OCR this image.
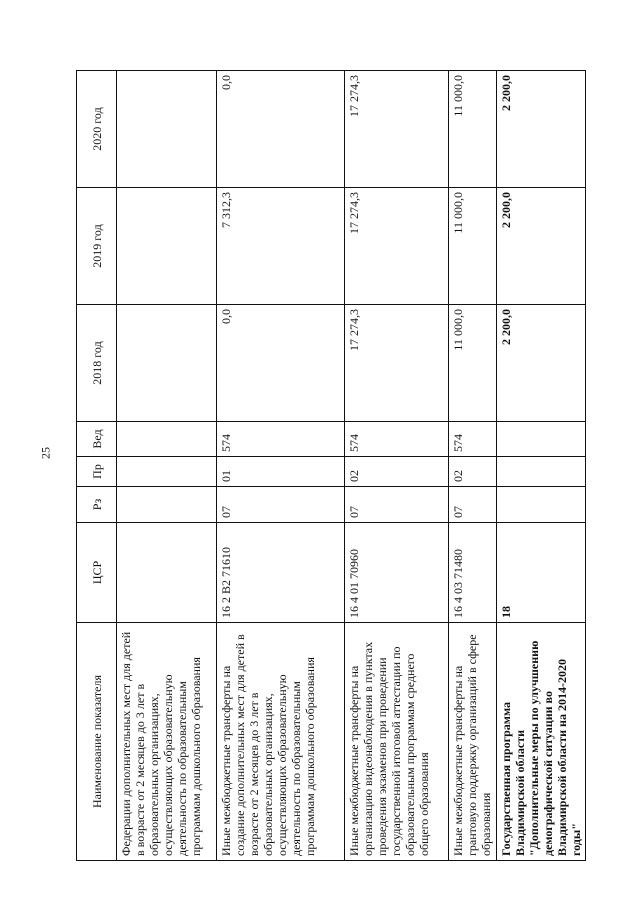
25
Наименование показателя	ЦСР	Рз	Пр	Вед	2018 год	2019 год	2020 год
Федерации дополнительных мест для детей в возрасте от 2 месяцев до 3 лет в образовательных организациях, осуществляющих образовательную деятельность по образовательным программам дошкольного образования							
Иные межбюджетные трансферты на создание дополнительных мест для детей в возрасте от 2 месяцев до 3 лет в образовательных организациях, осуществляющих образовательную деятельность по образовательным программам дошкольного образования	16 2 В2 71610	07	01	574	0,0	7 312,3	0,0
Иные межбюджетные трансферты на организацию видеонаблюдения в пунктах проведения экзаменов при проведении государственной итоговой аттестации по образовательным программам среднего общего образования	16 4 01 70960	07	02	574	17 274,3	17 274,3	17 274,3
Иные межбюджетные трансферты на грантовую поддержку организаций в сфере образования	16 4 03 71480	07	02	574	11 000,0	11 000,0	11 000,0
Государственная программа Владимирской области "Дополнительные меры по улучшению демографической ситуации во Владимирской области на 2014-2020 годы"	18				2 200,0	2 200,0	2 200,0
